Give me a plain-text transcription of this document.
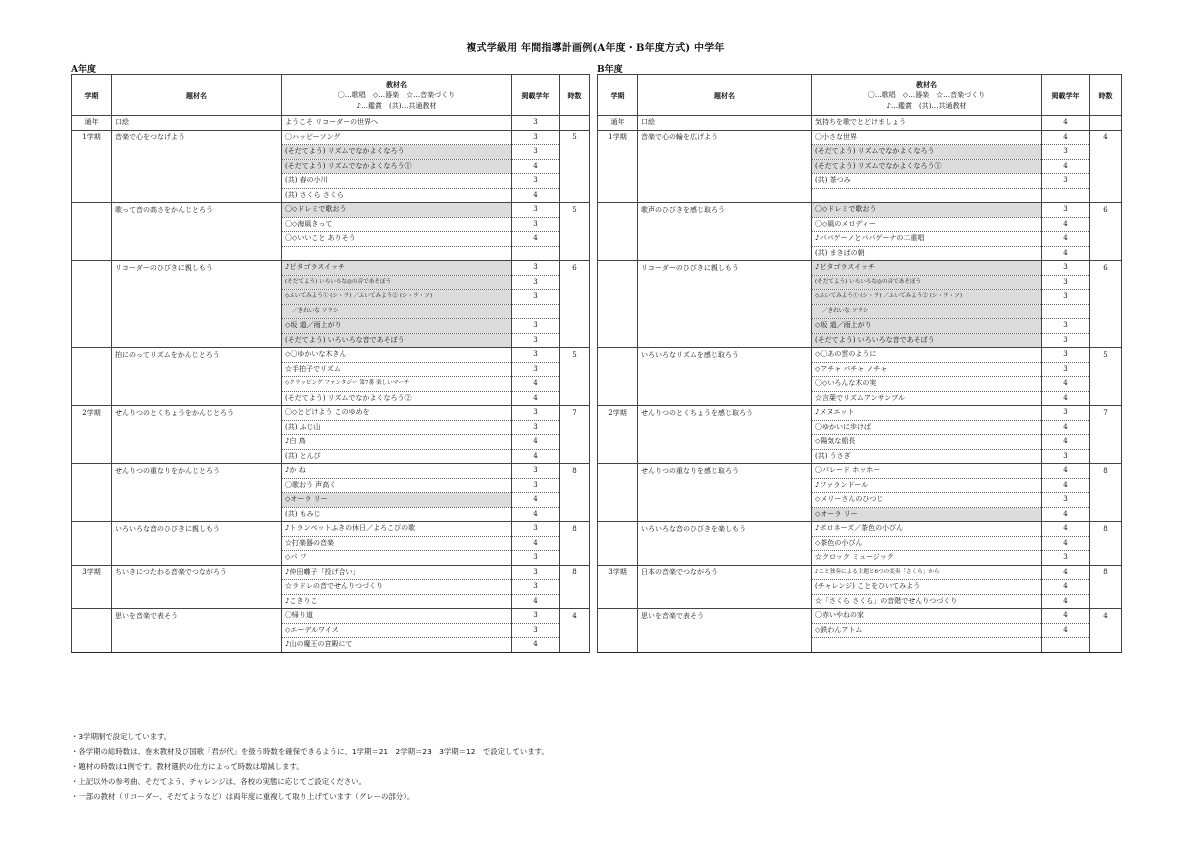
複式学級用 年間指導計画例(A年度・B年度方式) 中学年
A年度	B年度
学期	題材名	教材名
〇…歌唱　◇…器楽　☆…音楽づくり
♪…鑑賞　(共)…共通教材	掲載学年	時数
通年	口絵	ようこそ リコーダーの世界へ	3	
1学期	音楽で心をつなげよう	〇ハッピーソング	3	5
		(そだてよう) リズムでなかよくなろう	3	
		(そだてよう) リズムでなかよくなろう①	4	
		(共) 春の小川	3	
		(共) さくら さくら	4	
	歌って音の高さをかんじとろう	〇◇ドレミで歌おう	3	5
		〇◇海風きって	3	
		〇◇いいこと ありそう	4	

	リコーダーのひびきに親しもう	♪ピタゴラスイッチ	3	6
		(そだてよう) いろいろな◎の音であそぼう	3	
		◇ふいてみよう① (シ・ラ) ／ふいてみよう② (シ・ラ・ソ)	3	
		／きれいな ソラシ		
		◇坂 道／雨上がり	3	
		(そだてよう) いろいろな音であそぼう	3	
	拍にのってリズムをかんじとろう	◇〇ゆかいな木きん	3	5
		☆手拍子でリズム	3	
		◇クラッピング ファンタジー 第7番 楽しいマーチ	4	
		(そだてよう) リズムでなかよくなろう②	4	
2学期	せんりつのとくちょうをかんじとろう	〇◇とどけよう このゆめを	3	7
		(共) ふじ山	3	
		♪白 鳥	4	
		(共) とんび	4	
	せんりつの重なりをかんじとろう	♪か ね	3	8
		〇歌おう 声高く	3	
		◇オーラ リー	4	
		(共) もみじ	4	
	いろいろな音のひびきに親しもう	♪トランペットふきの休日／よろこびの歌	3	8
		☆打楽器の音楽	4	
		◇パ フ	3	
3学期	ちいきにつたわる音楽でつながろう	♪仲田囃子「投げ合い」	3	8
		☆ラドレの音でせんりつづくり	3	
		♪こきりこ	4	
	思いを音楽で表そう	〇帰り道	3	4
		◇エーデルワイス	3	
		♪山の魔王の宮殿にて	4	
学期	題材名	教材名
〇…歌唱　◇…器楽　☆…音楽づくり
♪…鑑賞　(共)…共通教材	掲載学年	時数
通年	口絵	気持ちを歌でとどけましょう	4	
1学期	音楽で心の輪を広げよう	〇小さな世界	4	4
		(そだてよう) リズムでなかよくなろう	3	
		(そだてよう) リズムでなかよくなろう①	4	
		(共) 茶つみ	3	

	歌声のひびきを感じ取ろう	〇◇ドレミで歌おう	3	6
		〇◇風のメロディー	4	
		♪パパゲーノとパパゲーナの二重唱	4	
		(共) まきばの朝	4	
	リコーダーのひびきに親しもう	♪ピタゴラスイッチ	3	6
		(そだてよう) いろいろな◎の音であそぼう	3	
		◇ふいてみよう① (シ・ラ) ／ふいてみよう② (シ・ラ・ソ)	3	
		／きれいな ソラシ		
		◇坂 道／雨上がり	3	
		(そだてよう) いろいろな音であそぼう	3	
	いろいろなリズムを感じ取ろう	◇〇あの雲のように	3	5
		◇アチャ パチャ ノチャ	3	
		〇◇いろんな木の実	4	
		☆言葉でリズムアンサンブル	4	
2学期	せんりつのとくちょうを感じ取ろう	♪メヌエット	3	7
		〇ゆかいに歩けば	4	
		◇陽気な船長	4	
		(共) うさぎ	3	
	せんりつの重なりを感じ取ろう	〇パレード ホッホー	4	8
		♪ファランドール	4	
		◇メリーさんのひつじ	3	
		◇オーラ リー	4	
	いろいろな音のひびきを楽しもう	♪ポロネーズ／茶色の小びん	4	8
		◇茶色の小びん	4	
		☆クロック ミュージック	3	
3学期	日本の音楽でつながろう	♪こと独奏による主題と6つの変奏「さくら」から	4	8
		(チャレンジ) ことをひいてみよう	4	
		☆「さくら さくら」の音階でせんりつづくり	4	
	思いを音楽で表そう	〇赤いやねの家	4	4
		◇鉄わんアトム	4	

・3学期制で設定しています。
・各学期の総時数は、巻末教材及び国歌「君が代」を扱う時数を確保できるように、1学期＝21　2学期＝23　3学期＝12　で設定しています。
・題材の時数は1例です。教材選択の仕方によって時数は増減します。
・上記以外の参考曲、そだてよう、チャレンジは、各校の実態に応じてご設定ください。
・一部の教材（リコーダー、そだてようなど）は両年度に重複して取り上げています（グレーの部分）。
